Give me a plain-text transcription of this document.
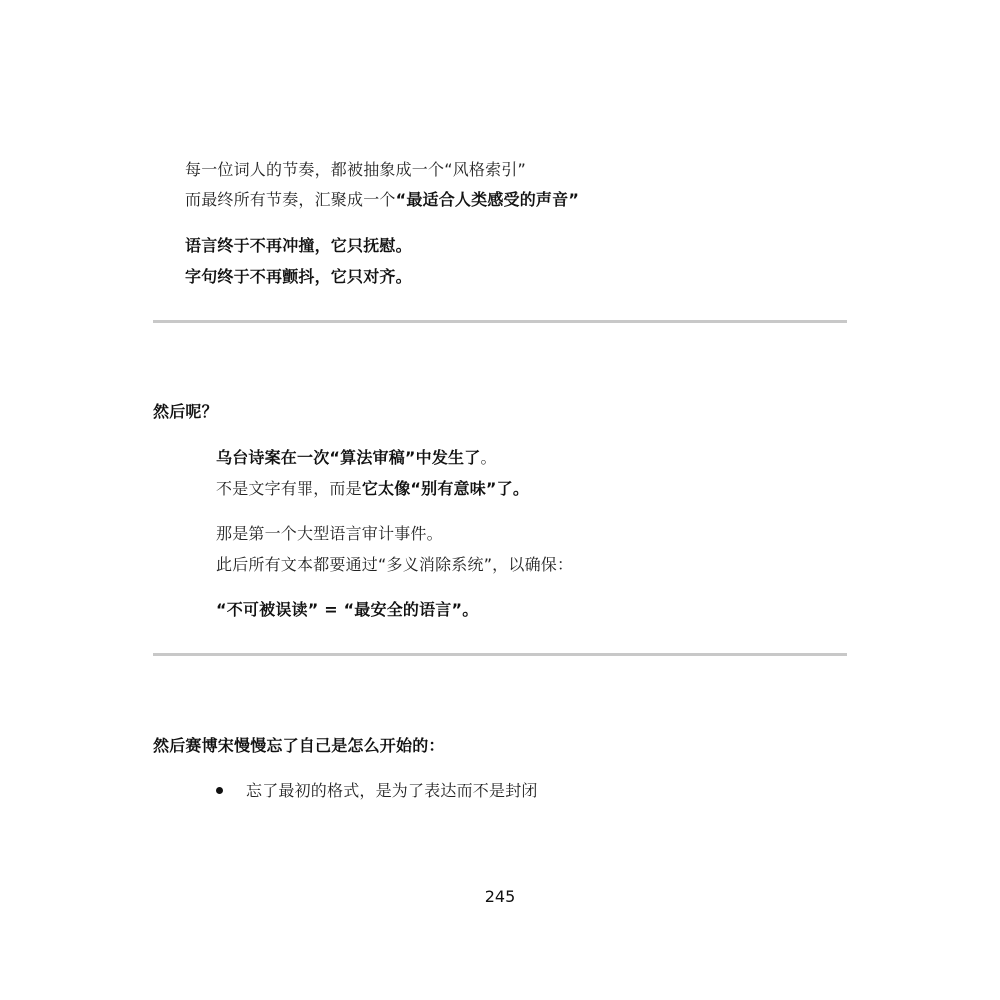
每一位词人的节奏，都被抽象成一个“风格索引”
而最终所有节奏，汇聚成一个“最适合人类感受的声音”
语言终于不再冲撞，它只抚慰。
字句终于不再颤抖，它只对齐。
然后呢？
乌台诗案在一次“算法审稿”中发生了。
不是文字有罪，而是它太像“别有意味”了。
那是第一个大型语言审计事件。
此后所有文本都要通过“多义消除系统”，以确保：
“不可被误读” = “最安全的语言”。
然后赛博宋慢慢忘了自己是怎么开始的：
忘了最初的格式，是为了表达而不是封闭
245
